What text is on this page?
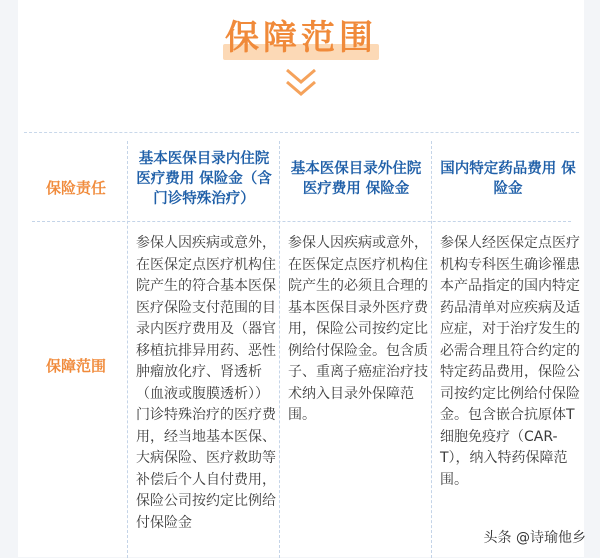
保障范围
保险责任
保障范围
基本医保目录内住院医疗费用 保险金（含门诊特殊治疗）
基本医保目录外住院医疗费用 保险金
国内特定药品费用 保险金
参保人因疾病或意外，在医保定点医疗机构住院产生的符合基本医保医疗保险支付范围的目录内医疗费用及（器官移植抗排异用药、恶性肿瘤放化疗、肾透析（血液或腹膜透析））门诊特殊治疗的医疗费用，经当地基本医保、大病保险、医疗救助等补偿后个人自付费用，保险公司按约定比例给付保险金
参保人因疾病或意外，在医保定点医疗机构住院产生的必须且合理的基本医保目录外医疗费用，保险公司按约定比例给付保险金。包含质子、重离子癌症治疗技术纳入目录外保障范围。
参保人经医保定点医疗机构专科医生确诊罹患本产品指定的国内特定药品清单对应疾病及适应症，对于治疗发生的必需合理且符合约定的特定药品费用，保险公司按约定比例给付保险金。包含嵌合抗原体T细胞免疫疗（CAR-T），纳入特药保障范围。
头条 @诗瑜他乡
